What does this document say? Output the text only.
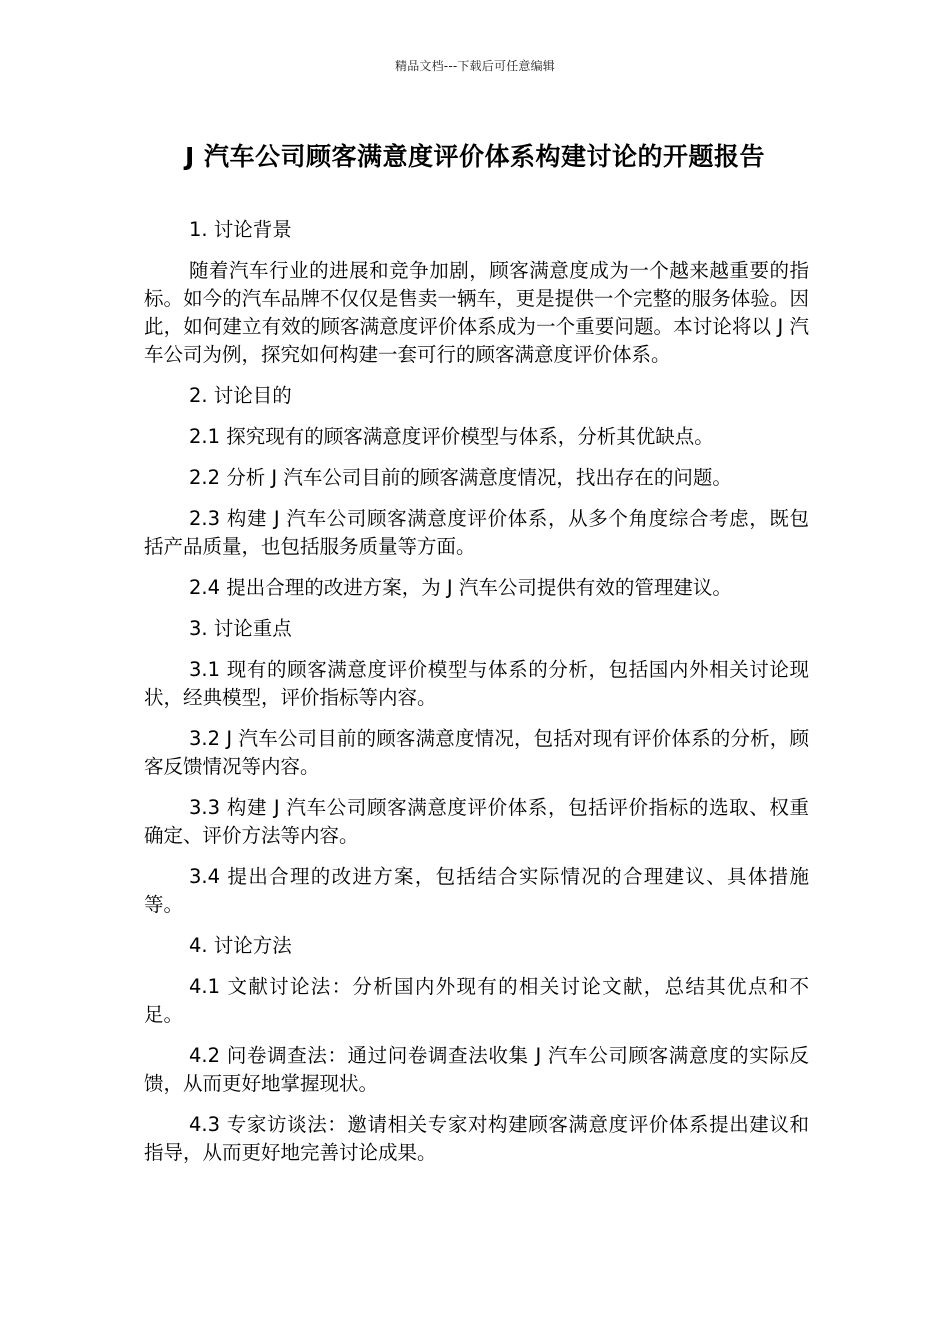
精品文档---下载后可任意编辑
J 汽车公司顾客满意度评价体系构建讨论的开题报告

1. 讨论背景

随着汽车行业的进展和竞争加剧，顾客满意度成为一个越来越重要的指标。如今的汽车品牌不仅仅是售卖一辆车，更是提供一个完整的服务体验。因此，如何建立有效的顾客满意度评价体系成为一个重要问题。本讨论将以 J 汽车公司为例，探究如何构建一套可行的顾客满意度评价体系。

2. 讨论目的

2.1 探究现有的顾客满意度评价模型与体系，分析其优缺点。

2.2 分析 J 汽车公司目前的顾客满意度情况，找出存在的问题。

2.3 构建 J 汽车公司顾客满意度评价体系，从多个角度综合考虑，既包括产品质量，也包括服务质量等方面。

2.4 提出合理的改进方案，为 J 汽车公司提供有效的管理建议。

3. 讨论重点

3.1 现有的顾客满意度评价模型与体系的分析，包括国内外相关讨论现状，经典模型，评价指标等内容。

3.2 J 汽车公司目前的顾客满意度情况，包括对现有评价体系的分析，顾客反馈情况等内容。

3.3 构建 J 汽车公司顾客满意度评价体系，包括评价指标的选取、权重确定、评价方法等内容。

3.4 提出合理的改进方案，包括结合实际情况的合理建议、具体措施等。

4. 讨论方法

4.1 文献讨论法：分析国内外现有的相关讨论文献，总结其优点和不足。

4.2 问卷调查法：通过问卷调查法收集 J 汽车公司顾客满意度的实际反馈，从而更好地掌握现状。

4.3 专家访谈法：邀请相关专家对构建顾客满意度评价体系提出建议和指导，从而更好地完善讨论成果。
